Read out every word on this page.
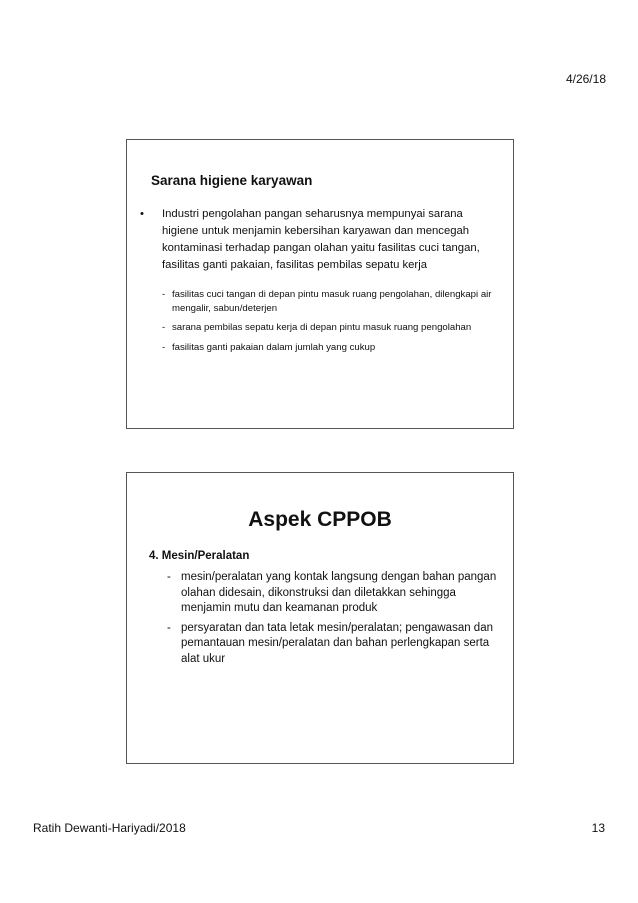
4/26/18
Sarana higiene karyawan
• Industri pengolahan pangan seharusnya mempunyai sarana higiene untuk menjamin kebersihan karyawan dan mencegah kontaminasi terhadap pangan olahan yaitu fasilitas cuci tangan, fasilitas ganti pakaian, fasilitas pembilas sepatu kerja
- fasilitas cuci tangan di depan pintu masuk ruang pengolahan, dilengkapi air mengalir, sabun/deterjen
- sarana pembilas sepatu kerja di depan pintu masuk ruang pengolahan
- fasilitas ganti pakaian dalam jumlah yang cukup
Aspek CPPOB
4. Mesin/Peralatan
- mesin/peralatan yang kontak langsung dengan bahan pangan olahan didesain, dikonstruksi dan diletakkan sehingga menjamin mutu dan keamanan produk
- persyaratan dan tata letak mesin/peralatan; pengawasan dan pemantauan mesin/peralatan dan bahan perlengkapan serta alat ukur
Ratih Dewanti-Hariyadi/2018	13
